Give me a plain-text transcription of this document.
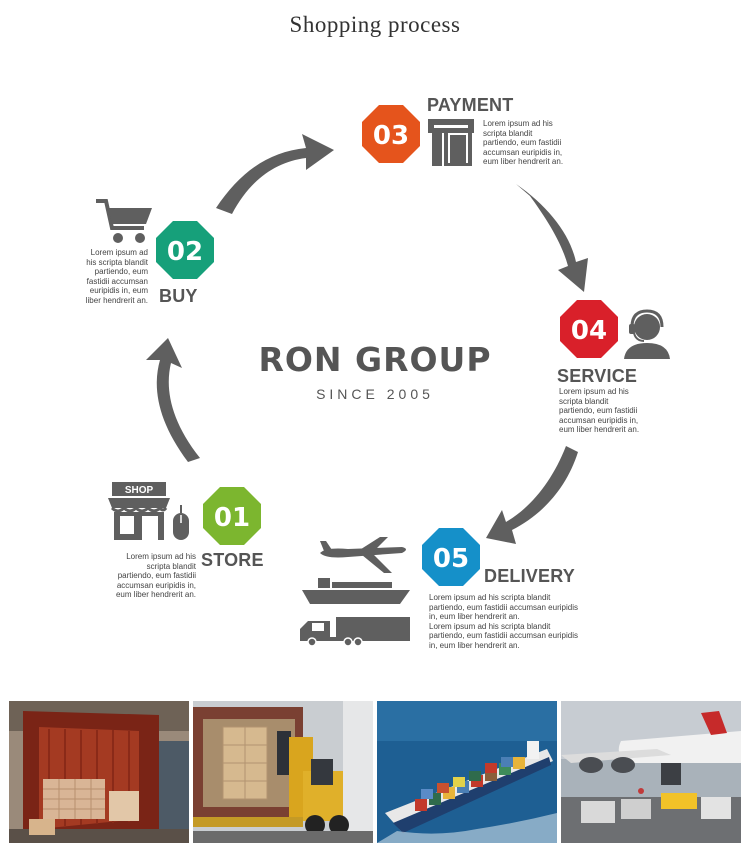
Shopping process
RON GROUP
SINCE 2005
SHOP
01
STORE
Lorem ipsum ad his
scripta blandit
partiendo, eum fastidii
accumsan euripidis in,
eum liber hendrerit an.
02
BUY
Lorem ipsum ad
his scripta blandit
partiendo, eum
fastidii accumsan
euripidis in, eum
liber hendrerit an.
03
PAYMENT
Lorem ipsum ad his
scripta blandit
partiendo, eum fastidii
accumsan euripidis in,
eum liber hendrerit an.
04
SERVICE
Lorem ipsum ad his
scripta blandit
partiendo, eum fastidii
accumsan euripidis in,
eum liber hendrerit an.
05
DELIVERY
Lorem ipsum ad his scripta blandit
partiendo, eum fastidii accumsan euripidis
in, eum liber hendrerit an.
Lorem ipsum ad his scripta blandit
partiendo, eum fastidii accumsan euripidis
in, eum liber hendrerit an.
